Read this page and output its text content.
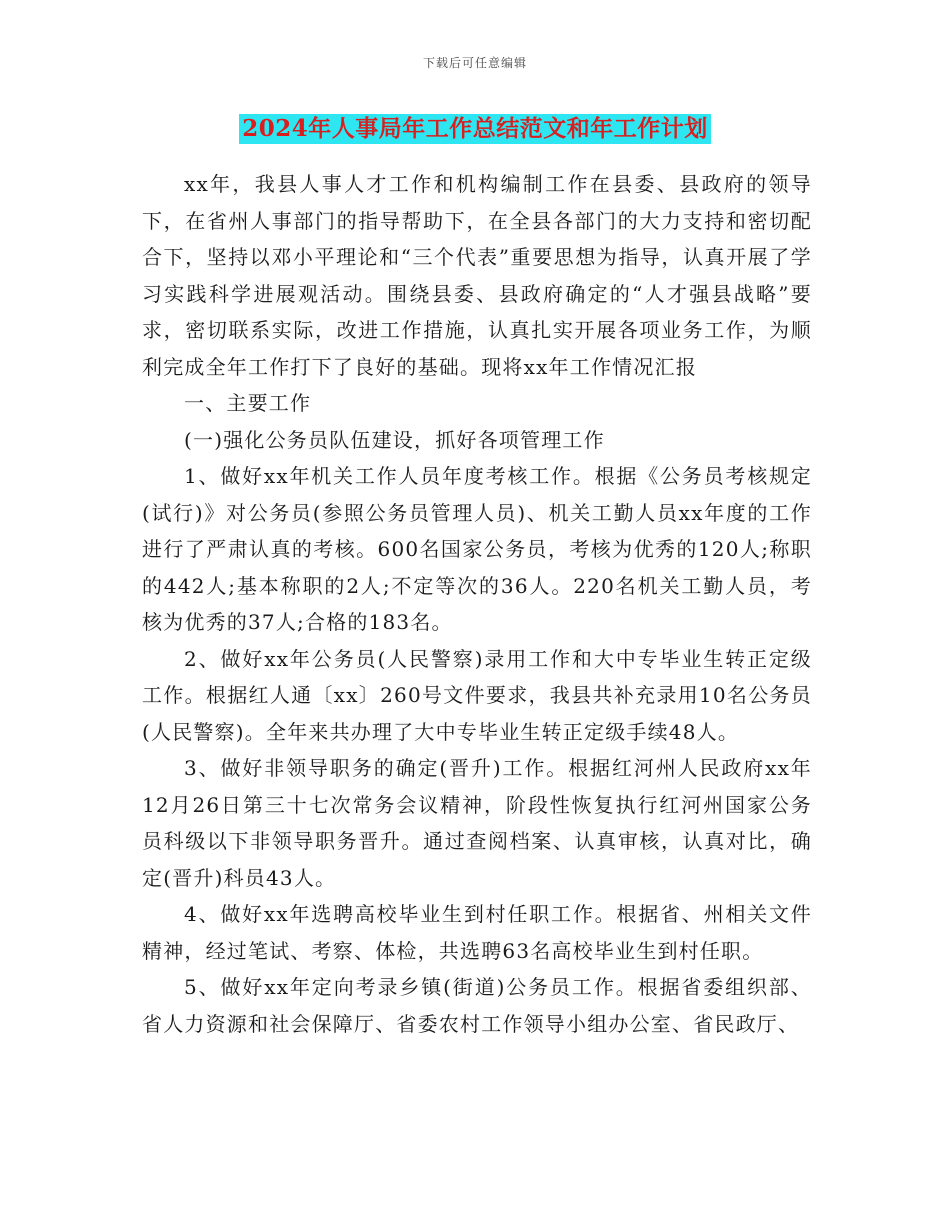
下载后可任意编辑
2024年人事局年工作总结范文和年工作计划

xx年，我县人事人才工作和机构编制工作在县委、县政府的领导下，在省州人事部门的指导帮助下，在全县各部门的大力支持和密切配合下，坚持以邓小平理论和“三个代表”重要思想为指导，认真开展了学习实践科学进展观活动。围绕县委、县政府确定的“人才强县战略”要求，密切联系实际，改进工作措施，认真扎实开展各项业务工作，为顺利完成全年工作打下了良好的基础。现将xx年工作情况汇报

一、主要工作

(一)强化公务员队伍建设，抓好各项管理工作

1、做好xx年机关工作人员年度考核工作。根据《公务员考核规定(试行)》对公务员(参照公务员管理人员)、机关工勤人员xx年度的工作进行了严肃认真的考核。600名国家公务员，考核为优秀的120人;称职的442人;基本称职的2人;不定等次的36人。220名机关工勤人员，考核为优秀的37人;合格的183名。

2、做好xx年公务员(人民警察)录用工作和大中专毕业生转正定级工作。根据红人通〔xx〕260号文件要求，我县共补充录用10名公务员(人民警察)。全年来共办理了大中专毕业生转正定级手续48人。

3、做好非领导职务的确定(晋升)工作。根据红河州人民政府xx年12月26日第三十七次常务会议精神，阶段性恢复执行红河州国家公务员科级以下非领导职务晋升。通过查阅档案、认真审核，认真对比，确定(晋升)科员43人。

4、做好xx年选聘高校毕业生到村任职工作。根据省、州相关文件精神，经过笔试、考察、体检，共选聘63名高校毕业生到村任职。

5、做好xx年定向考录乡镇(街道)公务员工作。根据省委组织部、省人力资源和社会保障厅、省委农村工作领导小组办公室、省民政厅、
